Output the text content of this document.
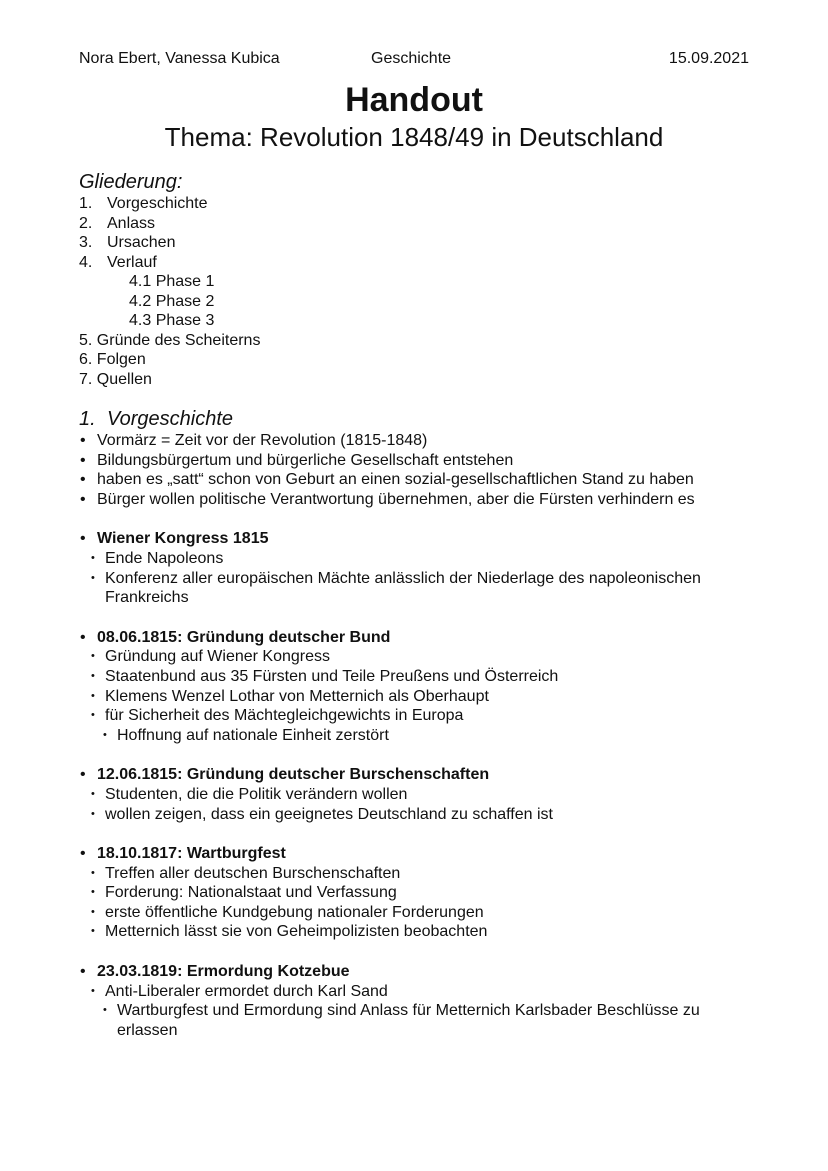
Nora Ebert, Vanessa Kubica	Geschichte	15.09.2021
Handout
Thema: Revolution 1848/49 in Deutschland
Gliederung:
1. Vorgeschichte
2. Anlass
3. Ursachen
4. Verlauf
4.1 Phase 1
4.2 Phase 2
4.3 Phase 3
5. Gründe des Scheiterns
6. Folgen
7. Quellen
1. Vorgeschichte
• Vormärz = Zeit vor der Revolution (1815-1848)
• Bildungsbürgertum und bürgerliche Gesellschaft entstehen
• haben es „satt“ schon von Geburt an einen sozial-gesellschaftlichen Stand zu haben
• Bürger wollen politische Verantwortung übernehmen, aber die Fürsten verhindern es
• Wiener Kongress 1815
• Ende Napoleons
• Konferenz aller europäischen Mächte anlässlich der Niederlage des napoleonischen Frankreichs
• 08.06.1815: Gründung deutscher Bund
• Gründung auf Wiener Kongress
• Staatenbund aus 35 Fürsten und Teile Preußens und Österreich
• Klemens Wenzel Lothar von Metternich als Oberhaupt
• für Sicherheit des Mächtegleichgewichts in Europa
• Hoffnung auf nationale Einheit zerstört
• 12.06.1815: Gründung deutscher Burschenschaften
• Studenten, die die Politik verändern wollen
• wollen zeigen, dass ein geeignetes Deutschland zu schaffen ist
• 18.10.1817: Wartburgfest
• Treffen aller deutschen Burschenschaften
• Forderung: Nationalstaat und Verfassung
• erste öffentliche Kundgebung nationaler Forderungen
• Metternich lässt sie von Geheimpolizisten beobachten
• 23.03.1819: Ermordung Kotzebue
• Anti-Liberaler ermordet durch Karl Sand
• Wartburgfest und Ermordung sind Anlass für Metternich Karlsbader Beschlüsse zu erlassen
